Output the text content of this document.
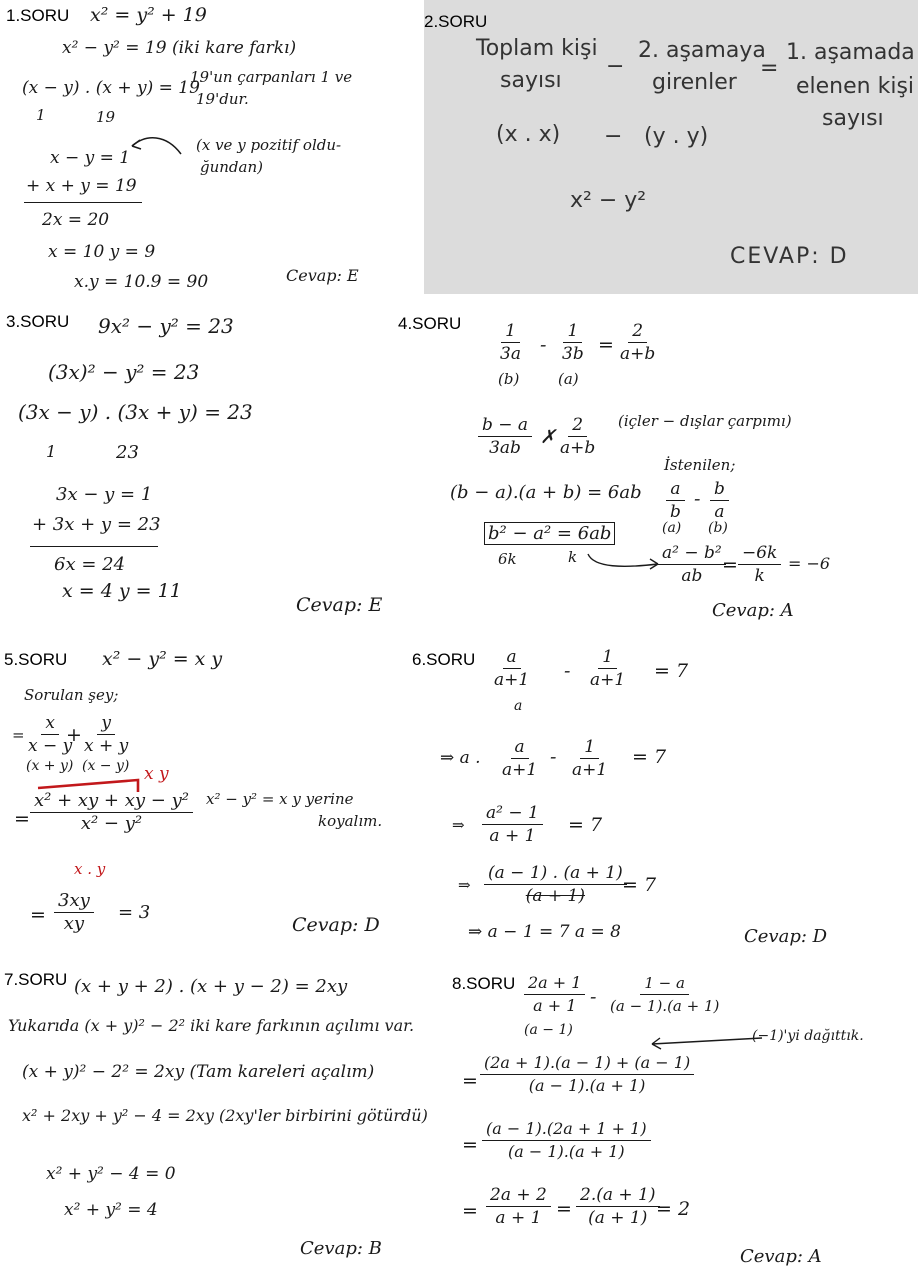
1.SORU x² = y² + 19
x² − y² = 19 (iki kare farkı)
(x − y) . (x + y) = 19
1	19
19'un çarpanları 1 ve
19'dur.
x − y = 1
+ x + y = 19
2x = 20
x = 10 y = 9
x.y = 10.9 = 90
(x ve y pozitif oldu-
ğundan)
Cevap: E
2.SORU
Toplam kişi
sayısı
−
2. aşamaya
girenler
=
1. aşamada
elenen kişi
sayısı
(x . x) − (y . y)
x² − y²
CEVAP: D
3.SORU 9x² − y² = 23
(3x)² − y² = 23
(3x − y) . (3x + y) = 23
1	23
3x − y = 1
+ 3x + y = 23
6x = 24
x = 4 y = 11
Cevap: E
4.SORU $\frac{1}{3a} - \frac{1}{3b} = \frac{2}{a+b}$
(b)	(a)
$\frac{b - a}{3ab}$ ✗ $\frac{2}{a+b}$ (içler − dışlar çarpımı)
İstenilen;
$(b - a).(a + b) = 6ab \frac{a}{b} - \frac{b}{a}$
(a) (b)
b² − a² = 6ab
6k	k	$\frac{\text{a² − b²}}{ab}$
= $\frac{-6k}{k} = -6$
Cevap: A
5.SORU x² − y² = x y
Sorulan şey;
= $\frac{x}{x - y}$
+
$\frac{y}{x + y}$
(x + y) (x − y) x y
= $\frac{\text{x² + xy + xy − y²}}{\text{x² − y²}}$
x . y
x² − y² = x y yerine
koyalım.
= $\frac{3xy}{xy} = 3$
Cevap: D
6.SORU $\frac{a}{a+1}$
a
- $\frac{1}{a+1} = 7$
⇒ a . $\frac{a}{a+1} - \frac{1}{a+1} = 7$
⇒ $\frac{\text{a² − 1}}{a + 1} = 7$
⇒ $\frac{(a - 1) . (a + 1)}{(a + 1)}$
= 7
⇒ a − 1 = 7 a = 8	Cevap: D
7.SORU (x + y + 2) . (x + y − 2) = 2xy
Yukarıda (x + y)² − 2² iki kare farkının açılımı var.
(x + y)² − 2² = 2xy (Tam kareleri açalım)
x² + 2xy + y² − 4 = 2xy (2xy'ler birbirini götürdü)
x² + y² − 4 = 0
x² + y² = 4
Cevap: B
8.SORU $\frac{2a + 1}{a + 1}$
(a − 1)
- $\frac{1 - a}{(a - 1).(a + 1)}$
(−1)'yi dağıttık.
= $\frac{(2a + 1).(a - 1) + (a - 1)}{(a - 1).(a + 1)}$
= $\frac{(a - 1).(2a + 1 + 1)}{(a - 1).(a + 1)}$
= $\frac{2a + 2}{a + 1} = \frac{2.(a + 1)}{(a + 1)}$
= 2
Cevap: A
